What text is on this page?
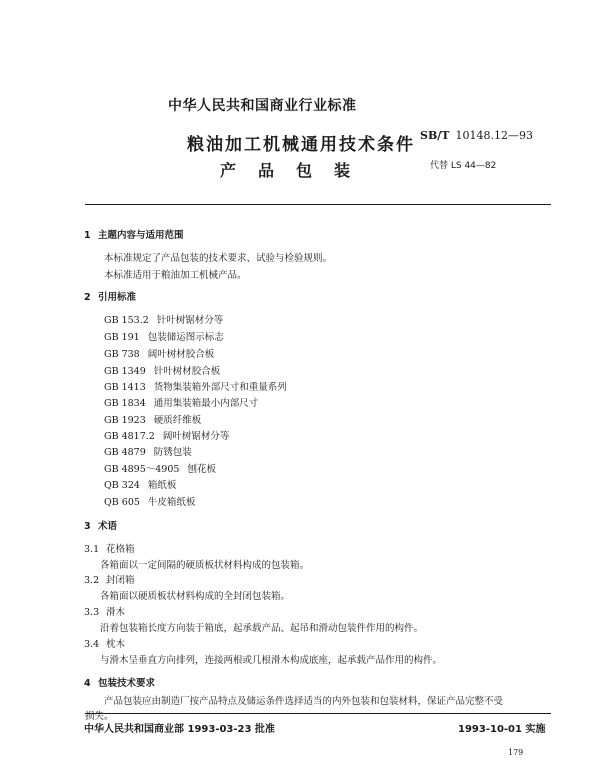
中华人民共和国商业行业标准
SB/T 10148.12—93
粮油加工机械通用技术条件
产品包装	代替 LS 44—82
1 主题内容与适用范围
本标准规定了产品包装的技术要求、试验与检验规则。
本标准适用于粮油加工机械产品。
2 引用标准
GB 153.2 针叶树锯材分等
GB 191 包装储运图示标志
GB 738 阔叶树材胶合板
GB 1349 针叶树材胶合板
GB 1413 货物集装箱外部尺寸和重量系列
GB 1834 通用集装箱最小内部尺寸
GB 1923 硬质纤维板
GB 4817.2 阔叶树锯材分等
GB 4879 防锈包装
GB 4895～4905 刨花板
QB 324 箱纸板
QB 605 牛皮箱纸板
3 术语
3.1 花格箱
各箱面以一定间隔的硬质板状材料构成的包装箱。
3.2 封闭箱
各箱面以硬质板状材料构成的全封闭包装箱。
3.3 滑木
沿着包装箱长度方向装于箱底，起承载产品、起吊和滑动包装件作用的构件。
3.4 枕木
与滑木呈垂直方向排列，连接两根或几根滑木构成底座，起承载产品作用的构件。
4 包装技术要求
产品包装应由制造厂按产品特点及储运条件选择适当的内外包装和包装材料，保证产品完整不受
损失。
中华人民共和国商业部 1993-03-23 批准	1993-10-01 实施
179
